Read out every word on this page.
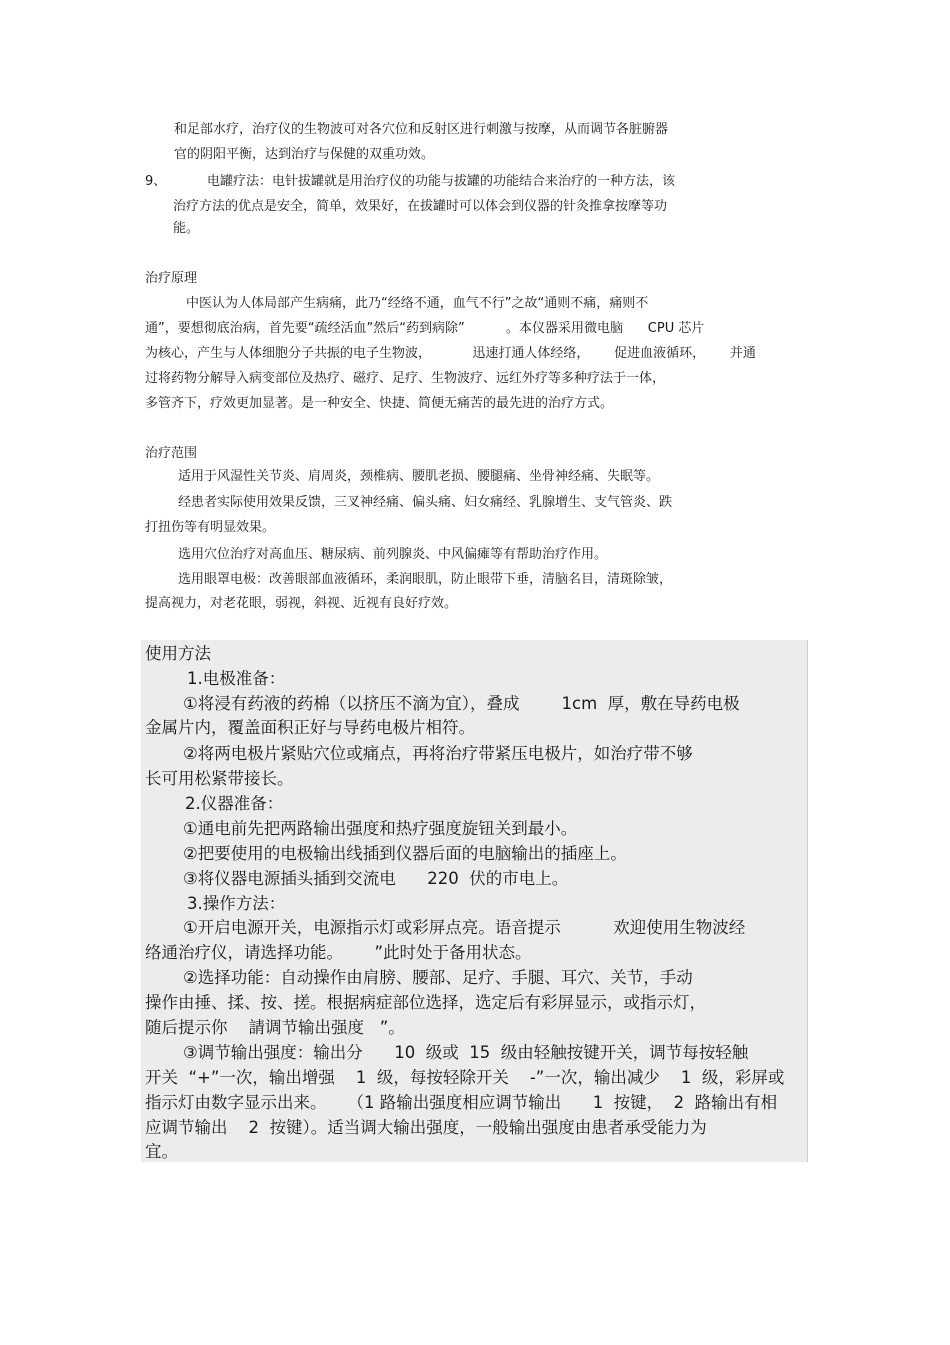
和足部水疗，治疗仪的生物波可对各穴位和反射区进行刺激与按摩，从而调节各脏腑器
官的阴阳平衡，达到治疗与保健的双重功效。
9、	电罐疗法：电针拔罐就是用治疗仪的功能与拔罐的功能结合来治疗的一种方法，该
治疗方法的优点是安全，简单，效果好，在拔罐时可以体会到仪器的针灸推拿按摩等功
能。
治疗原理
中医认为人体局部产生病痛，此乃“经络不通，血气不行”之故“通则不痛，痛则不
通”，要想彻底治病，首先要“疏经活血”然后“药到病除”          。本仪器采用微电脑      CPU 芯片
为核心，产生与人体细胞分子共振的电子生物波，          迅速打通人体经络，      促进血液循环，      并通
过将药物分解导入病变部位及热疗、磁疗、足疗、生物波疗、远红外疗等多种疗法于一体，
多管齐下，疗效更加显著。是一种安全、快捷、简便无痛苦的最先进的治疗方式。
治疗范围
适用于风湿性关节炎、肩周炎，颈椎病、腰肌老损、腰腿痛、坐骨神经痛、失眠等。
经患者实际使用效果反馈，三叉神经痛、偏头痛、妇女痛经、乳腺增生、支气管炎、跌
打扭伤等有明显效果。
选用穴位治疗对高血压、糖尿病、前列腺炎、中风偏瘫等有帮助治疗作用。
选用眼罩电极：改善眼部血液循环，柔润眼肌，防止眼带下垂，清脑名目，清斑除皱，
提高视力，对老花眼，弱视，斜视、近视有良好疗效。
使用方法
1.电极准备：
①将浸有药液的药棉（以挤压不滴为宜），叠成        1cm  厚，敷在导药电极
金属片内，覆盖面积正好与导药电极片相符。
②将两电极片紧贴穴位或痛点，再将治疗带紧压电极片，如治疗带不够
长可用松紧带接长。
2.仪器准备：
①通电前先把两路输出强度和热疗强度旋钮关到最小。
②把要使用的电极输出线插到仪器后面的电脑输出的插座上。
③将仪器电源插头插到交流电      220  伏的市电上。
3.操作方法：
①开启电源开关，电源指示灯或彩屏点亮。语音提示          欢迎使用生物波经
络通治疗仪，请选择功能。      ”此时处于备用状态。
②选择功能：自动操作由肩膀、腰部、足疗、手腿、耳穴、关节，手动
操作由捶、揉、按、搓。根据病症部位选择，选定后有彩屏显示，或指示灯，
随后提示你    請调节输出强度   ”。
③调节输出强度：输出分      10  级或  15  级由轻触按键开关，调节每按轻触
开关  “+”一次，输出增强    1  级，每按轻除开关    -”一次，输出减少    1  级，彩屏或
指示灯由数字显示出来。    （1 路输出强度相应调节输出      1  按键，  2  路输出有相
应调节输出    2  按键）。适当调大输出强度，一般输出强度由患者承受能力为
宜。
